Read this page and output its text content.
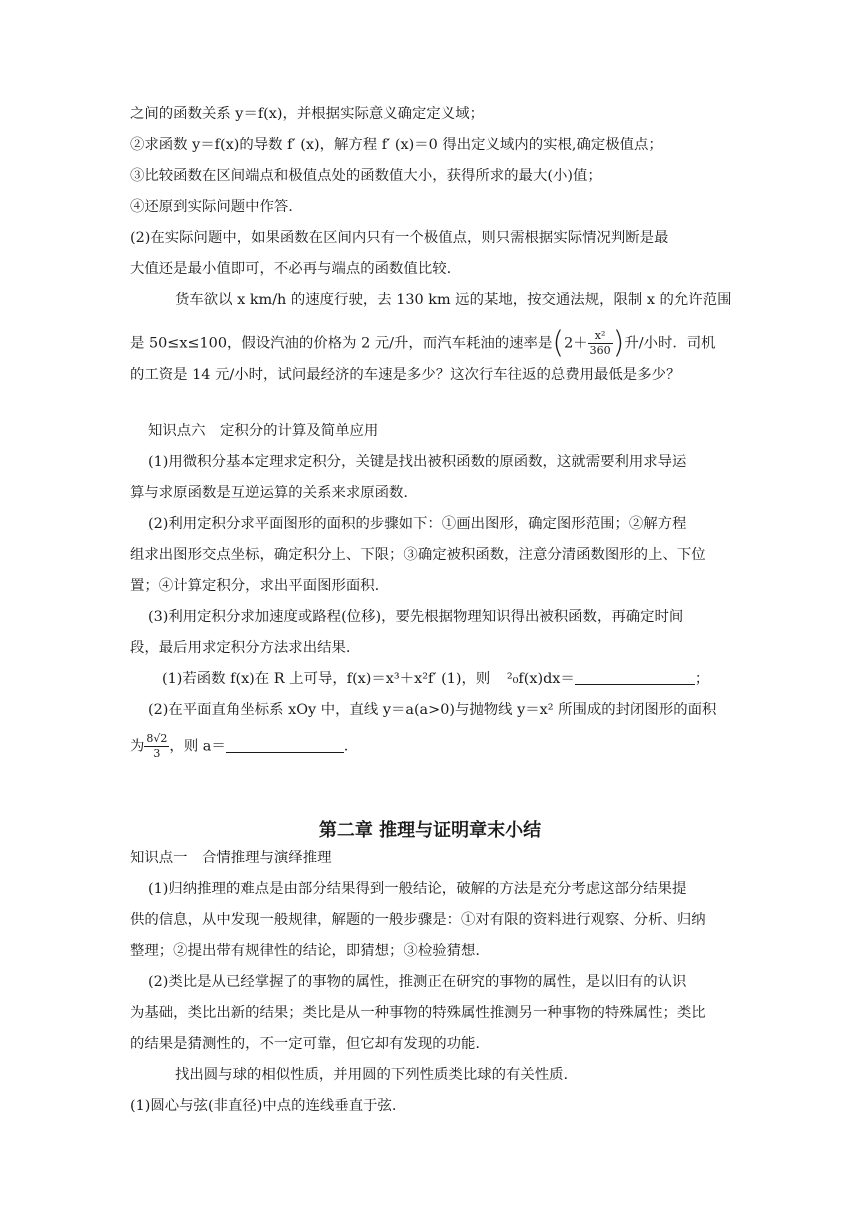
之间的函数关系 y＝f(x)，并根据实际意义确定定义域；
②求函数 y＝f(x)的导数 f′ (x)，解方程 f′ (x)＝0 得出定义域内的实根,确定极值点；
③比较函数在区间端点和极值点处的函数值大小，获得所求的最大(小)值；
④还原到实际问题中作答.
(2)在实际问题中，如果函数在区间内只有一个极值点，则只需根据实际情况判断是最
大值还是最小值即可，不必再与端点的函数值比较.
货车欲以 x km/h 的速度行驶，去 130 km 远的某地，按交通法规，限制 x 的允许范围
是 50≤x≤100，假设汽油的价格为 2 元/升，而汽车耗油的速率是($2+ \frac{\text{x²}}{360}$ )升/小时．司机
的工资是 14 元/小时，试问最经济的车速是多少？这次行车往返的总费用最低是多少？
知识点六　定积分的计算及简单应用
(1)用微积分基本定理求定积分，关键是找出被积函数的原函数，这就需要利用求导运
算与求原函数是互逆运算的关系来求原函数.
(2)利用定积分求平面图形的面积的步骤如下：①画出图形，确定图形范围；②解方程
组求出图形交点坐标，确定积分上、下限；③确定被积函数，注意分清函数图形的上、下位
置；④计算定积分，求出平面图形面积.
(3)利用定积分求加速度或路程(位移)，要先根据物理知识得出被积函数，再确定时间
段，最后用求定积分方法求出结果.
(1)若函数 f(x)在 R 上可导，f(x)＝x³＋x²f′ (1)，则 ²₀f(x)dx＝	；
(2)在平面直角坐标系 xOy 中，直线 y＝a(a>0)与抛物线 y＝x² 所围成的封闭图形的面积
为 $\frac{8√2}{3}$ ，则 a＝	.
第二章 推理与证明章末小结
知识点一　合情推理与演绎推理
(1)归纳推理的难点是由部分结果得到一般结论，破解的方法是充分考虑这部分结果提
供的信息，从中发现一般规律，解题的一般步骤是：①对有限的资料进行观察、分析、归纳
整理；②提出带有规律性的结论，即猜想；③检验猜想.
(2)类比是从已经掌握了的事物的属性，推测正在研究的事物的属性，是以旧有的认识
为基础，类比出新的结果；类比是从一种事物的特殊属性推测另一种事物的特殊属性；类比
的结果是猜测性的，不一定可靠，但它却有发现的功能.
找出圆与球的相似性质，并用圆的下列性质类比球的有关性质.
(1)圆心与弦(非直径)中点的连线垂直于弦.
